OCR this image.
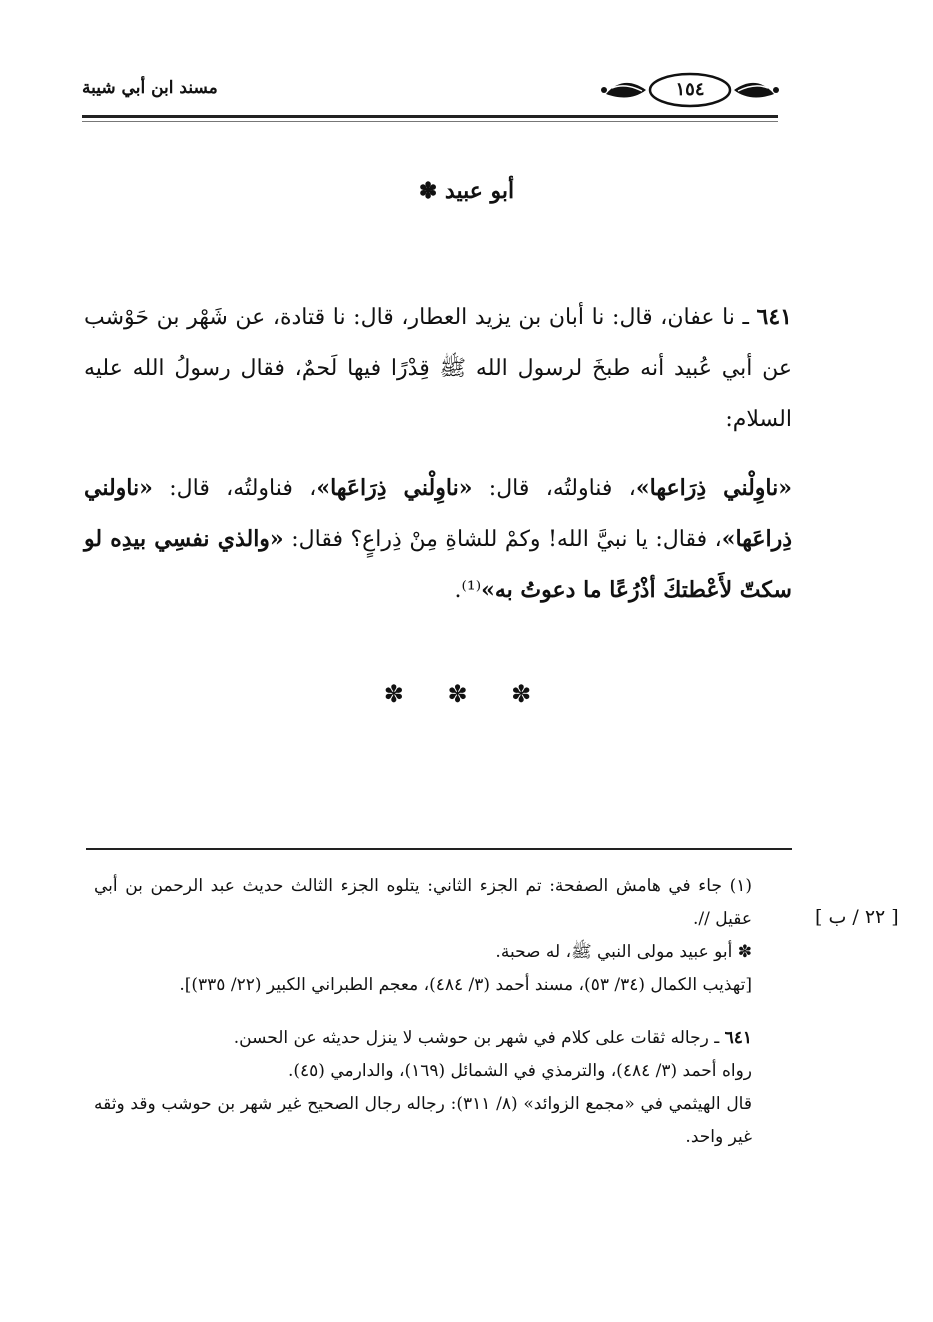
مسند ابن أبي شيبة	١٥٤
أبو عبيد ✽

٦٤١ ـ نا عفان، قال: نا أبان بن يزيد العطار، قال: نا قتادة، عن شَهْر بن حَوْشب عن أبي عُبيد أنه طبخَ لرسول الله ﷺ قِدْرًا فيها لَحمٌ، فقال رسولُ الله عليه السلام:

«ناوِلْني ذِرَاعها»، فناولتُه، قال: «ناوِلْني ذِرَاعَها»، فناولتُه، قال: «ناولني ذِراعَها»، فقال: يا نبيَّ الله! وكمْ للشاةِ مِنْ ذِراعٍ؟ فقال: «والذي نفسِي بيدِه لو سكتّ لأَعْطتكَ أذْرُعًا ما دعوتُ به»⁽¹⁾.

✽ ✽ ✽
[ ٢٢ / ب ]

(١) جاء في هامش الصفحة: تم الجزء الثاني: يتلوه الجزء الثالث حديث عبد الرحمن بن أبي عقيل //.

✽ أبو عبيد مولى النبي ﷺ، له صحبة.

[تهذيب الكمال (٣٤/ ٥٣)، مسند أحمد (٣/ ٤٨٤)، معجم الطبراني الكبير (٢٢/ ٣٣٥)].

٦٤١ ـ رجاله ثقات على كلام في شهر بن حوشب لا ينزل حديثه عن الحسن.

رواه أحمد (٣/ ٤٨٤)، والترمذي في الشمائل (١٦٩)، والدارمي (٤٥).

قال الهيثمي في «مجمع الزوائد» (٨/ ٣١١): رجاله رجال الصحيح غير شهر بن حوشب وقد وثقه غير واحد.
